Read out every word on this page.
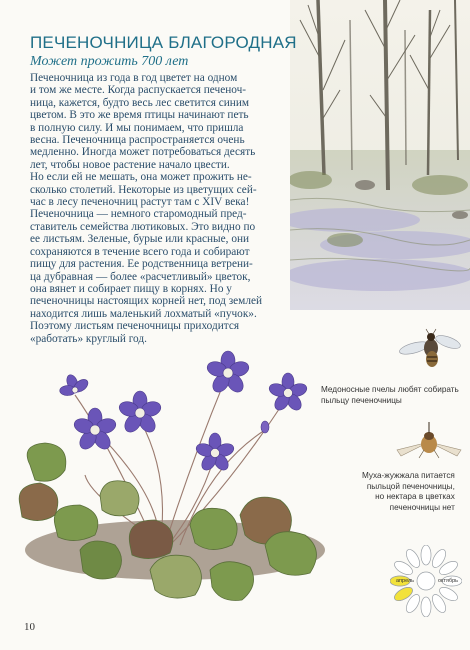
ПЕЧЕНОЧНИЦА БЛАГОРОДНАЯ
Может прожить 700 лет
Печеночница из года в год цветет на одном
и том же месте. Когда распускается печеноч-
ница, кажется, будто весь лес светится синим
цветом. В это же время птицы начинают петь
в полную силу. И мы понимаем, что пришла
весна. Печеночница распространяется очень
медленно. Иногда может потребоваться десять
лет, чтобы новое растение начало цвести.
Но если ей не мешать, она может прожить не-
сколько столетий. Некоторые из цветущих сей-
час в лесу печеночниц растут там с XIV века!
Печеночница — немного старомодный пред-
ставитель семейства лютиковых. Это видно по
ее листьям. Зеленые, бурые или красные, они
сохраняются в течение всего года и собирают
пищу для растения. Ее родственница ветрени-
ца дубравная — более «расчетливый» цветок,
она вянет и собирает пищу в корнях. Но у
печеночницы настоящих корней нет, под землей
находится лишь маленький лохматый «пучок».
Поэтому листьям печеночницы приходится
«работать» круглый год.
Медоносные пчелы любят собирать
пыльцу печеночницы
Муха-жужжала питается
пыльцой печеночницы,
но нектара в цветках
печеночницы нет
апрель	октябрь
10
